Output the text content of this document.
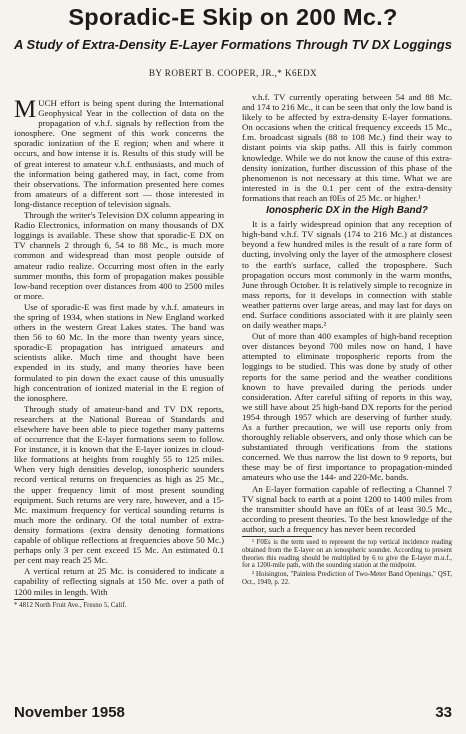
Sporadic-E Skip on 200 Mc.?
A Study of Extra-Density E-Layer Formations Through TV DX Loggings
BY ROBERT B. COOPER, JR.,* K6EDX

MUCH effort is being spent during the International Geophysical Year in the collection of data on the propagation of v.h.f. signals by reflection from the ionosphere. One segment of this work concerns the sporadic ionization of the E region; when and where it occurs, and how intense it is. Results of this study will be of great interest to amateur v.h.f. enthusiasts, and much of the information being gathered may, in fact, come from their observations. The information presented here comes from amateurs of a different sort — those interested in long-distance reception of television signals.

Through the writer's Television DX column appearing in Radio Electronics, information on many thousands of DX loggings is available. These show that sporadic-E DX on TV channels 2 through 6, 54 to 88 Mc., is much more common and widespread than most people outside of amateur radio realize. Occurring most often in the early summer months, this form of propagation makes possible low-band reception over distances from 400 to 2500 miles or more.

Use of sporadic-E was first made by v.h.f. amateurs in the spring of 1934, when stations in New England worked others in the western Great Lakes states. The band was then 56 to 60 Mc. In the more than twenty years since, sporadic-E propagation has intrigued amateurs and scientists alike. Much time and thought have been expended in its study, and many theories have been formulated to pin down the exact cause of this unusually high concentration of ionized material in the E region of the ionosphere.

Through study of amateur-band and TV DX reports, researchers at the National Bureau of Standards and elsewhere have been able to piece together many patterns of occurrence that the E-layer formations seem to follow. For instance, it is known that the E-layer ionizes in cloud-like formations at heights from roughly 55 to 125 miles. When very high densities develop, ionospheric sounders record vertical returns on frequencies as high as 25 Mc., the upper frequency limit of most present sounding equipment. Such returns are very rare, however, and a 15-Mc. maximum frequency for vertical sounding returns is much more the ordinary. Of the total number of extra-density formations (extra density denoting formations capable of oblique reflections at frequencies above 50 Mc.) perhaps only 3 per cent exceed 15 Mc. An estimated 0.1 per cent may reach 25 Mc.

A vertical return at 25 Mc. is considered to indicate a capability of reflecting signals at 150 Mc. over a path of 1200 miles in length. With

* 4812 North Fruit Ave., Fresno 5, Calif.

v.h.f. TV currently operating between 54 and 88 Mc. and 174 to 216 Mc., it can be seen that only the low band is likely to be affected by extra-density E-layer formations. On occasions when the critical frequency exceeds 15 Mc., f.m. broadcast signals (88 to 108 Mc.) find their way to distant points via skip paths. All this is fairly common knowledge. While we do not know the cause of this extra-density ionization, further discussion of this phase of the phenomenon is not necessary at this time. What we are interested in is the 0.1 per cent of the extra-density formations that reach an f0Es of 25 Mc. or higher.¹

Ionospheric DX in the High Band?

It is a fairly widespread opinion that any reception of high-band v.h.f. TV signals (174 to 216 Mc.) at distances beyond a few hundred miles is the result of a rare form of ducting, involving only the layer of the atmosphere closest to the earth's surface, called the troposphere. Such propagation occurs most commonly in the warm months, June through October. It is relatively simple to recognize in mass reports, for it develops in connection with stable weather patterns over large areas, and may last for days on end. Surface conditions associated with it are plainly seen on daily weather maps.²

Out of more than 400 examples of high-band reception over distances beyond 700 miles now on hand, I have attempted to eliminate tropospheric reports from the loggings to be studied. This was done by study of other reports for the same period and the weather conditions known to have prevailed during the periods under consideration. After careful sifting of reports in this way, we still have about 25 high-band DX reports for the period 1954 through 1957 which are deserving of further study. As a further precaution, we will use reports only from thoroughly reliable observers, and only those which can be substantiated through verifications from the stations concerned. We thus narrow the list down to 9 reports, but these may be of first importance to propagation-minded amateurs who use the 144- and 220-Mc. bands.

An E-layer formation capable of reflecting a Channel 7 TV signal back to earth at a point 1200 to 1400 miles from the transmitter should have an f0Es of at least 30.5 Mc., according to present theories. To the best knowledge of the author, such a frequency has never been recorded

¹ F0Es is the term used to represent the top vertical incidence reading obtained from the E-layer on an ionospheric sounder. According to present theories this reading should be multiplied by 6 to give the E-layer m.u.f., for a 1200-mile path, with the sounding station at the midpoint.

² Hoisington, "Painless Prediction of Two-Meter Band Openings," QST, Oct., 1949, p. 22.

November 1958	33
